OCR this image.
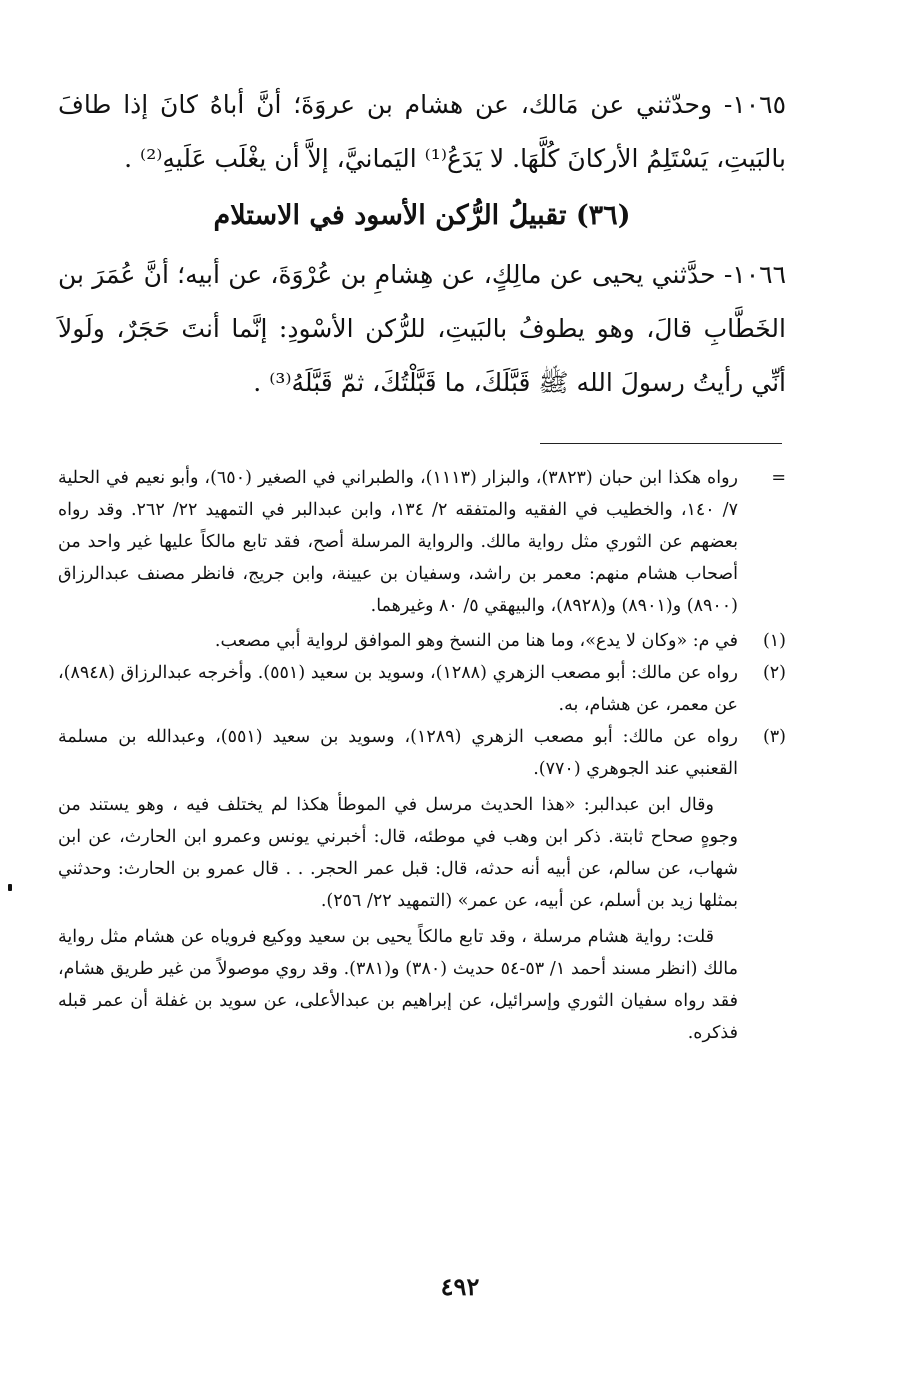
١٠٦٥- وحدّثني عن مَالك، عن هشام بن عروَةَ؛ أنَّ أباهُ كانَ إذا طافَ بالبَيتِ، يَسْتَلِمُ الأركانَ كُلَّهَا. لا يَدَعُ⁽¹⁾ اليَمانيَّ، إلاَّ أن يغْلَب عَلَيهِ⁽²⁾ .

(٣٦) تقبيلُ الرُّكن الأسود في الاستلام

١٠٦٦- حدَّثني يحيى عن مالِكٍ، عن هِشامِ بن عُرْوَةَ، عن أبيه؛ أنَّ عُمَرَ بن الخَطَّابِ قالَ، وهو يطوفُ بالبَيتِ، للرُّكن الأسْودِ: إنَّما أنتَ حَجَرٌ، ولَولاَ أنِّي رأيتُ رسولَ الله ﷺ قَبَّلَكَ، ما قَبَّلْتُكَ، ثمّ قَبَّلَهُ⁽³⁾ .

=

رواه هكذا ابن حبان (٣٨٢٣)، والبزار (١١١٣)، والطبراني في الصغير (٦٥٠)، وأبو نعيم في الحلية ٧/ ١٤٠، والخطيب في الفقيه والمتفقه ٢/ ١٣٤، وابن عبدالبر في التمهيد ٢٢/ ٢٦٢. وقد رواه بعضهم عن الثوري مثل رواية مالك. والرواية المرسلة أصح، فقد تابع مالكاً عليها غير واحد من أصحاب هشام منهم: معمر بن راشد، وسفيان بن عيينة، وابن جريج، فانظر مصنف عبدالرزاق (٨٩٠٠) و(٨٩٠١) و(٨٩٢٨)، والبيهقي ٥/ ٨٠ وغيرهما.

(١)

في م: «وكان لا يدع»، وما هنا من النسخ وهو الموافق لرواية أبي مصعب.

(٢)

رواه عن مالك: أبو مصعب الزهري (١٢٨٨)، وسويد بن سعيد (٥٥١). وأخرجه عبدالرزاق (٨٩٤٨)، عن معمر، عن هشام، به.

(٣)

رواه عن مالك: أبو مصعب الزهري (١٢٨٩)، وسويد بن سعيد (٥٥١)، وعبدالله بن مسلمة القعنبي عند الجوهري (٧٧٠).

وقال ابن عبدالبر: «هذا الحديث مرسل في الموطأ هكذا لم يختلف فيه ، وهو يستند من وجوهٍ صحاح ثابتة. ذكر ابن وهب في موطئه، قال: أخبرني يونس وعمرو ابن الحارث، عن ابن شهاب، عن سالم، عن أبيه أنه حدثه، قال: قبل عمر الحجر. . . قال عمرو بن الحارث: وحدثني بمثلها زيد بن أسلم، عن أبيه، عن عمر» (التمهيد ٢٢/ ٢٥٦).

قلت: رواية هشام مرسلة ، وقد تابع مالكاً يحيى بن سعيد ووكيع فروياه عن هشام مثل رواية مالك (انظر مسند أحمد ١/ ٥٣-٥٤ حديث (٣٨٠) و(٣٨١). وقد روي موصولاً من غير طريق هشام، فقد رواه سفيان الثوري وإسرائيل، عن إبراهيم بن عبدالأعلى، عن سويد بن غفلة أن عمر قبله فذكره.

٤٩٢
